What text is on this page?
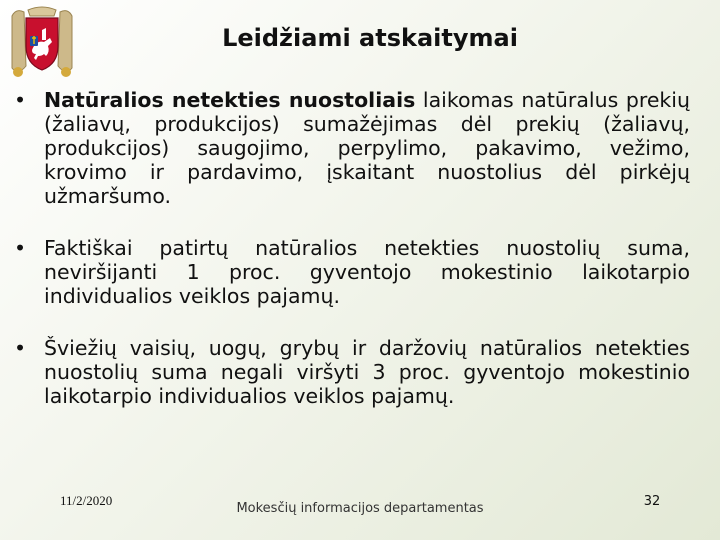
Leidžiami atskaitymai
• Natūralios netekties nuostoliais laikomas natūralus prekių (žaliavų, produkcijos) sumažėjimas dėl prekių (žaliavų, produkcijos) saugojimo, perpylimo, pakavimo, vežimo, krovimo ir pardavimo, įskaitant nuostolius dėl pirkėjų užmaršumo.
• Faktiškai patirtų natūralios netekties nuostolių suma, neviršijanti 1 proc. gyventojo mokestinio laikotarpio individualios veiklos pajamų.
• Šviežių vaisių, uogų, grybų ir daržovių natūralios netekties nuostolių suma negali viršyti 3 proc. gyventojo mokestinio laikotarpio individualios veiklos pajamų.
11/2/2020
Mokesčių informacijos departamentas	32
